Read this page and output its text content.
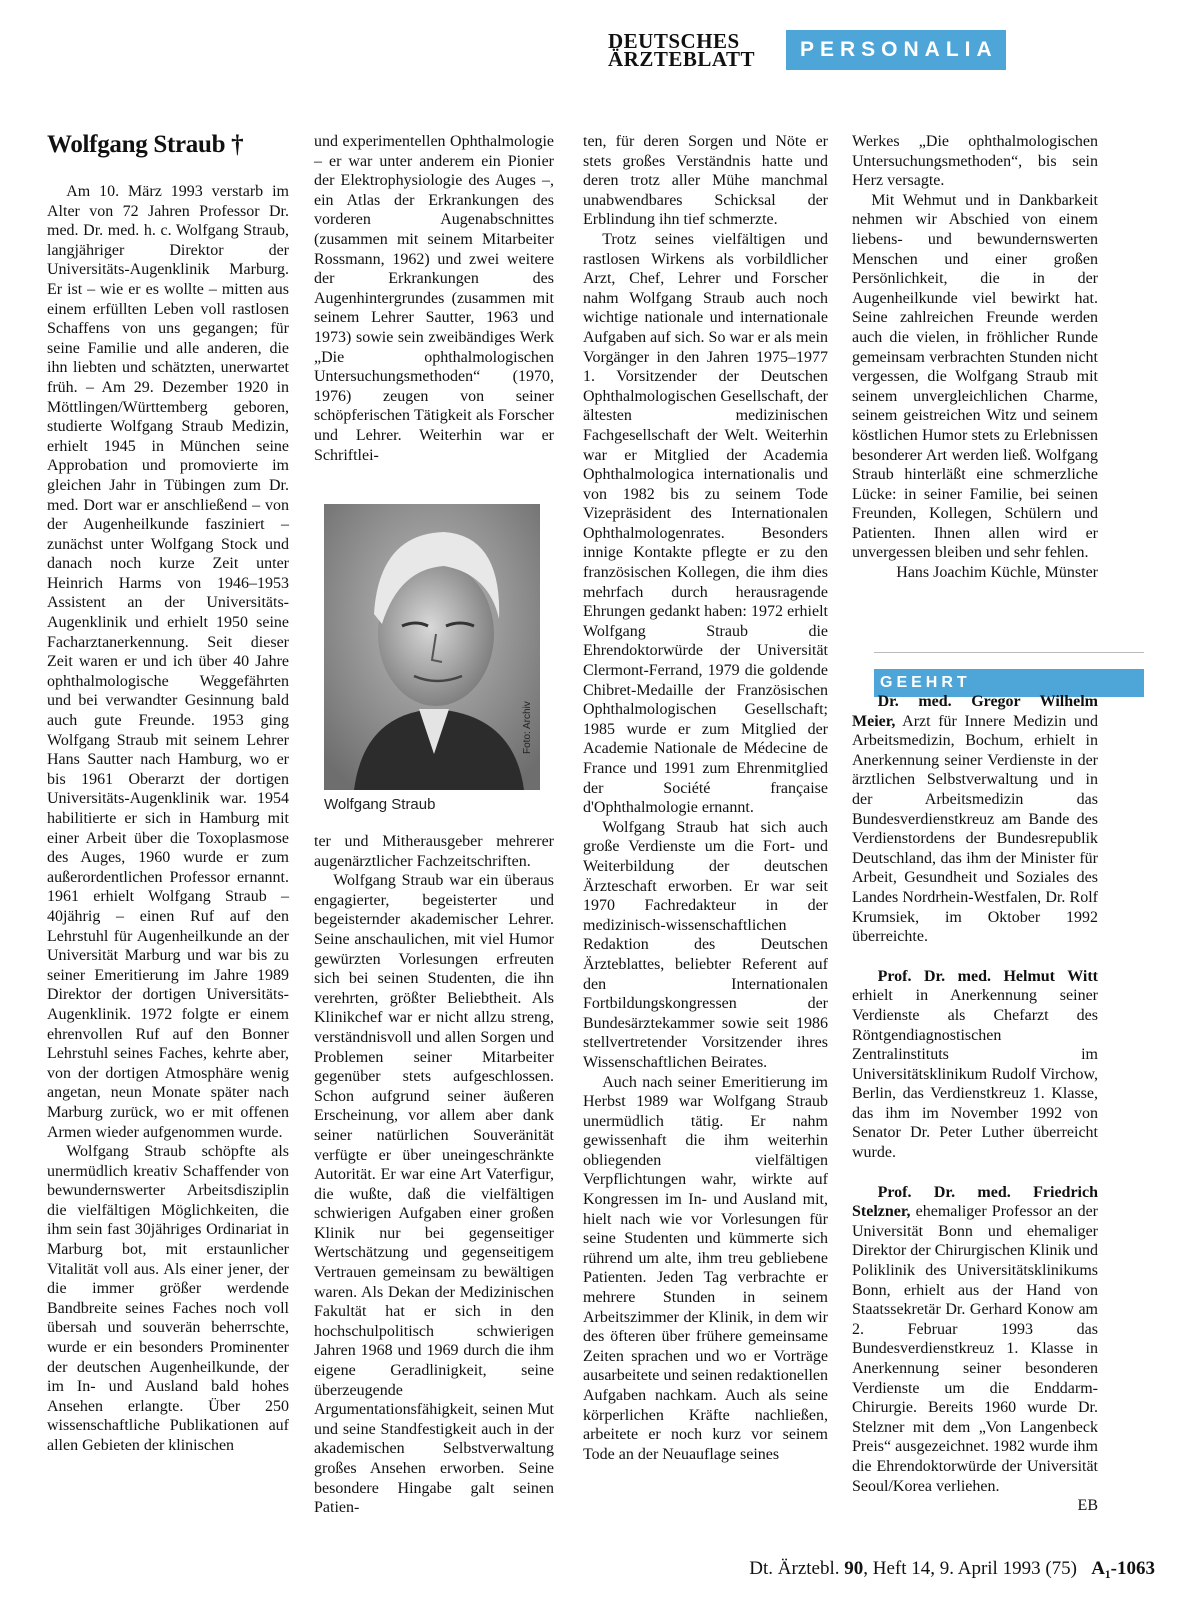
DEUTSCHES
ÄRZTEBLATT	PERSONALIA
Wolfgang Straub †

Am 10. März 1993 verstarb im Alter von 72 Jahren Professor Dr. med. Dr. med. h. c. Wolfgang Straub, langjähriger Direktor der Universitäts-Augenklinik Marburg. Er ist – wie er es wollte – mitten aus einem erfüllten Leben voll rastlosen Schaffens von uns gegangen; für seine Familie und alle anderen, die ihn liebten und schätzten, unerwartet früh. – Am 29. Dezember 1920 in Möttlingen/Württemberg geboren, studierte Wolfgang Straub Medizin, erhielt 1945 in München seine Approbation und promovierte im gleichen Jahr in Tübingen zum Dr. med. Dort war er anschließend – von der Augenheilkunde fasziniert – zunächst unter Wolfgang Stock und danach noch kurze Zeit unter Heinrich Harms von 1946–1953 Assistent an der Universitäts-Augenklinik und erhielt 1950 seine Facharztanerkennung. Seit dieser Zeit waren er und ich über 40 Jahre ophthalmologische Weggefährten und bei verwandter Gesinnung bald auch gute Freunde. 1953 ging Wolfgang Straub mit seinem Lehrer Hans Sautter nach Hamburg, wo er bis 1961 Oberarzt der dortigen Universitäts-Augenklinik war. 1954 habilitierte er sich in Hamburg mit einer Arbeit über die Toxoplasmose des Auges, 1960 wurde er zum außerordentlichen Professor ernannt. 1961 erhielt Wolfgang Straub – 40jährig – einen Ruf auf den Lehrstuhl für Augenheilkunde an der Universität Marburg und war bis zu seiner Emeritierung im Jahre 1989 Direktor der dortigen Universitäts-Augenklinik. 1972 folgte er einem ehrenvollen Ruf auf den Bonner Lehrstuhl seines Faches, kehrte aber, von der dortigen Atmosphäre wenig angetan, neun Monate später nach Marburg zurück, wo er mit offenen Armen wieder aufgenommen wurde.

Wolfgang Straub schöpfte als unermüdlich kreativ Schaffender von bewundernswerter Arbeitsdisziplin die vielfältigen Möglichkeiten, die ihm sein fast 30jähriges Ordinariat in Marburg bot, mit erstaunlicher Vitalität voll aus. Als einer jener, der die immer größer werdende Bandbreite seines Faches noch voll übersah und souverän beherrschte, wurde er ein besonders Prominenter der deutschen Augenheilkunde, der im In- und Ausland bald hohes Ansehen erlangte. Über 250 wissenschaftliche Publikationen auf allen Gebieten der klinischen

und experimentellen Ophthalmologie – er war unter anderem ein Pionier der Elektrophysiologie des Auges –, ein Atlas der Erkrankungen des vorderen Augenabschnittes (zusammen mit seinem Mitarbeiter Rossmann, 1962) und zwei weitere der Erkrankungen des Augenhintergrundes (zusammen mit seinem Lehrer Sautter, 1963 und 1973) sowie sein zweibändiges Werk „Die ophthalmologischen Untersuchungsmethoden“ (1970, 1976) zeugen von seiner schöpferischen Tätigkeit als Forscher und Lehrer. Weiterhin war er Schriftlei-

Foto: Archiv
Wolfgang Straub

ter und Mitherausgeber mehrerer augenärztlicher Fachzeitschriften.

Wolfgang Straub war ein überaus engagierter, begeisterter und begeisternder akademischer Lehrer. Seine anschaulichen, mit viel Humor gewürzten Vorlesungen erfreuten sich bei seinen Studenten, die ihn verehrten, größter Beliebtheit. Als Klinikchef war er nicht allzu streng, verständnisvoll und allen Sorgen und Problemen seiner Mitarbeiter gegenüber stets aufgeschlossen. Schon aufgrund seiner äußeren Erscheinung, vor allem aber dank seiner natürlichen Souveränität verfügte er über uneingeschränkte Autorität. Er war eine Art Vaterfigur, die wußte, daß die vielfältigen schwierigen Aufgaben einer großen Klinik nur bei gegenseitiger Wertschätzung und gegenseitigem Vertrauen gemeinsam zu bewältigen waren. Als Dekan der Medizinischen Fakultät hat er sich in den hochschulpolitisch schwierigen Jahren 1968 und 1969 durch die ihm eigene Geradlinigkeit, seine überzeugende Argumentationsfähigkeit, seinen Mut und seine Standfestigkeit auch in der akademischen Selbstverwaltung großes Ansehen erworben. Seine besondere Hingabe galt seinen Patien-

ten, für deren Sorgen und Nöte er stets großes Verständnis hatte und deren trotz aller Mühe manchmal unabwendbares Schicksal der Erblindung ihn tief schmerzte.

Trotz seines vielfältigen und rastlosen Wirkens als vorbildlicher Arzt, Chef, Lehrer und Forscher nahm Wolfgang Straub auch noch wichtige nationale und internationale Aufgaben auf sich. So war er als mein Vorgänger in den Jahren 1975–1977 1. Vorsitzender der Deutschen Ophthalmologischen Gesellschaft, der ältesten medizinischen Fachgesellschaft der Welt. Weiterhin war er Mitglied der Academia Ophthalmologica internationalis und von 1982 bis zu seinem Tode Vizepräsident des Internationalen Ophthalmologenrates. Besonders innige Kontakte pflegte er zu den französischen Kollegen, die ihm dies mehrfach durch herausragende Ehrungen gedankt haben: 1972 erhielt Wolfgang Straub die Ehrendoktorwürde der Universität Clermont-Ferrand, 1979 die goldende Chibret-Medaille der Französischen Ophthalmologischen Gesellschaft; 1985 wurde er zum Mitglied der Academie Nationale de Médecine de France und 1991 zum Ehrenmitglied der Société française d'Ophthalmologie ernannt.

Wolfgang Straub hat sich auch große Verdienste um die Fort- und Weiterbildung der deutschen Ärzteschaft erworben. Er war seit 1970 Fachredakteur in der medizinisch-wissenschaftlichen Redaktion des Deutschen Ärzteblattes, beliebter Referent auf den Internationalen Fortbildungskongressen der Bundesärztekammer sowie seit 1986 stellvertretender Vorsitzender ihres Wissenschaftlichen Beirates.

Auch nach seiner Emeritierung im Herbst 1989 war Wolfgang Straub unermüdlich tätig. Er nahm gewissenhaft die ihm weiterhin obliegenden vielfältigen Verpflichtungen wahr, wirkte auf Kongressen im In- und Ausland mit, hielt nach wie vor Vorlesungen für seine Studenten und kümmerte sich rührend um alte, ihm treu gebliebene Patienten. Jeden Tag verbrachte er mehrere Stunden in seinem Arbeitszimmer der Klinik, in dem wir des öfteren über frühere gemeinsame Zeiten sprachen und wo er Vorträge ausarbeitete und seinen redaktionellen Aufgaben nachkam. Auch als seine körperlichen Kräfte nachließen, arbeitete er noch kurz vor seinem Tode an der Neuauflage seines

Werkes „Die ophthalmologischen Untersuchungsmethoden“, bis sein Herz versagte.

Mit Wehmut und in Dankbarkeit nehmen wir Abschied von einem liebens- und bewundernswerten Menschen und einer großen Persönlichkeit, die in der Augenheilkunde viel bewirkt hat. Seine zahlreichen Freunde werden auch die vielen, in fröhlicher Runde gemeinsam verbrachten Stunden nicht vergessen, die Wolfgang Straub mit seinem unvergleichlichen Charme, seinem geistreichen Witz und seinem köstlichen Humor stets zu Erlebnissen besonderer Art werden ließ. Wolfgang Straub hinterläßt eine schmerzliche Lücke: in seiner Familie, bei seinen Freunden, Kollegen, Schülern und Patienten. Ihnen allen wird er unvergessen bleiben und sehr fehlen.

Hans Joachim Küchle, Münster

GEEHRT

Dr. med. Gregor Wilhelm Meier, Arzt für Innere Medizin und Arbeitsmedizin, Bochum, erhielt in Anerkennung seiner Verdienste in der ärztlichen Selbstverwaltung und in der Arbeitsmedizin das Bundesverdienstkreuz am Bande des Verdienstordens der Bundesrepublik Deutschland, das ihm der Minister für Arbeit, Gesundheit und Soziales des Landes Nordrhein-Westfalen, Dr. Rolf Krumsiek, im Oktober 1992 überreichte.

Prof. Dr. med. Helmut Witt erhielt in Anerkennung seiner Verdienste als Chefarzt des Röntgendiagnostischen Zentralinstituts im Universitätsklinikum Rudolf Virchow, Berlin, das Verdienstkreuz 1. Klasse, das ihm im November 1992 von Senator Dr. Peter Luther überreicht wurde.

Prof. Dr. med. Friedrich Stelzner, ehemaliger Professor an der Universität Bonn und ehemaliger Direktor der Chirurgischen Klinik und Poliklinik des Universitätsklinikums Bonn, erhielt aus der Hand von Staatssekretär Dr. Gerhard Konow am 2. Februar 1993 das Bundesverdienstkreuz 1. Klasse in Anerkennung seiner besonderen Verdienste um die Enddarm-Chirurgie. Bereits 1960 wurde Dr. Stelzner mit dem „Von Langenbeck Preis“ ausgezeichnet. 1982 wurde ihm die Ehrendoktorwürde der Universität Seoul/Korea verliehen.

EB

Dt. Ärztebl. 90, Heft 14, 9. April 1993 (75) A₁-1063
